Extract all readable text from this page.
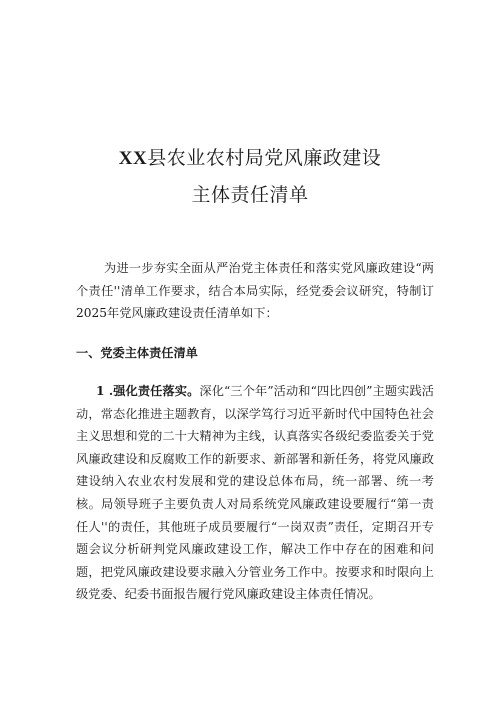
XX县农业农村局党风廉政建设
主体责任清单
为进一步夯实全面从严治党主体责任和落实党风廉政建设“两个责任''清单工作要求，结合本局实际，经党委会议研究，特制订2025年党风廉政建设责任清单如下：
一、党委主体责任清单
1 .强化责任落实。深化“三个年”活动和“四比四创”主题实践活动，常态化推进主题教育，以深学笃行习近平新时代中国特色社会主义思想和党的二十大精神为主线，认真落实各级纪委监委关于党风廉政建设和反腐败工作的新要求、新部署和新任务，将党风廉政建设纳入农业农村发展和党的建设总体布局，统一部署、统一考核。局领导班子主要负责人对局系统党风廉政建设要履行“第一责任人''的责任，其他班子成员要履行“一岗双责”责任，定期召开专题会议分析研判党风廉政建设工作，解决工作中存在的困难和问题，把党风廉政建设要求融入分管业务工作中。按要求和时限向上级党委、纪委书面报告履行党风廉政建设主体责任情况。
